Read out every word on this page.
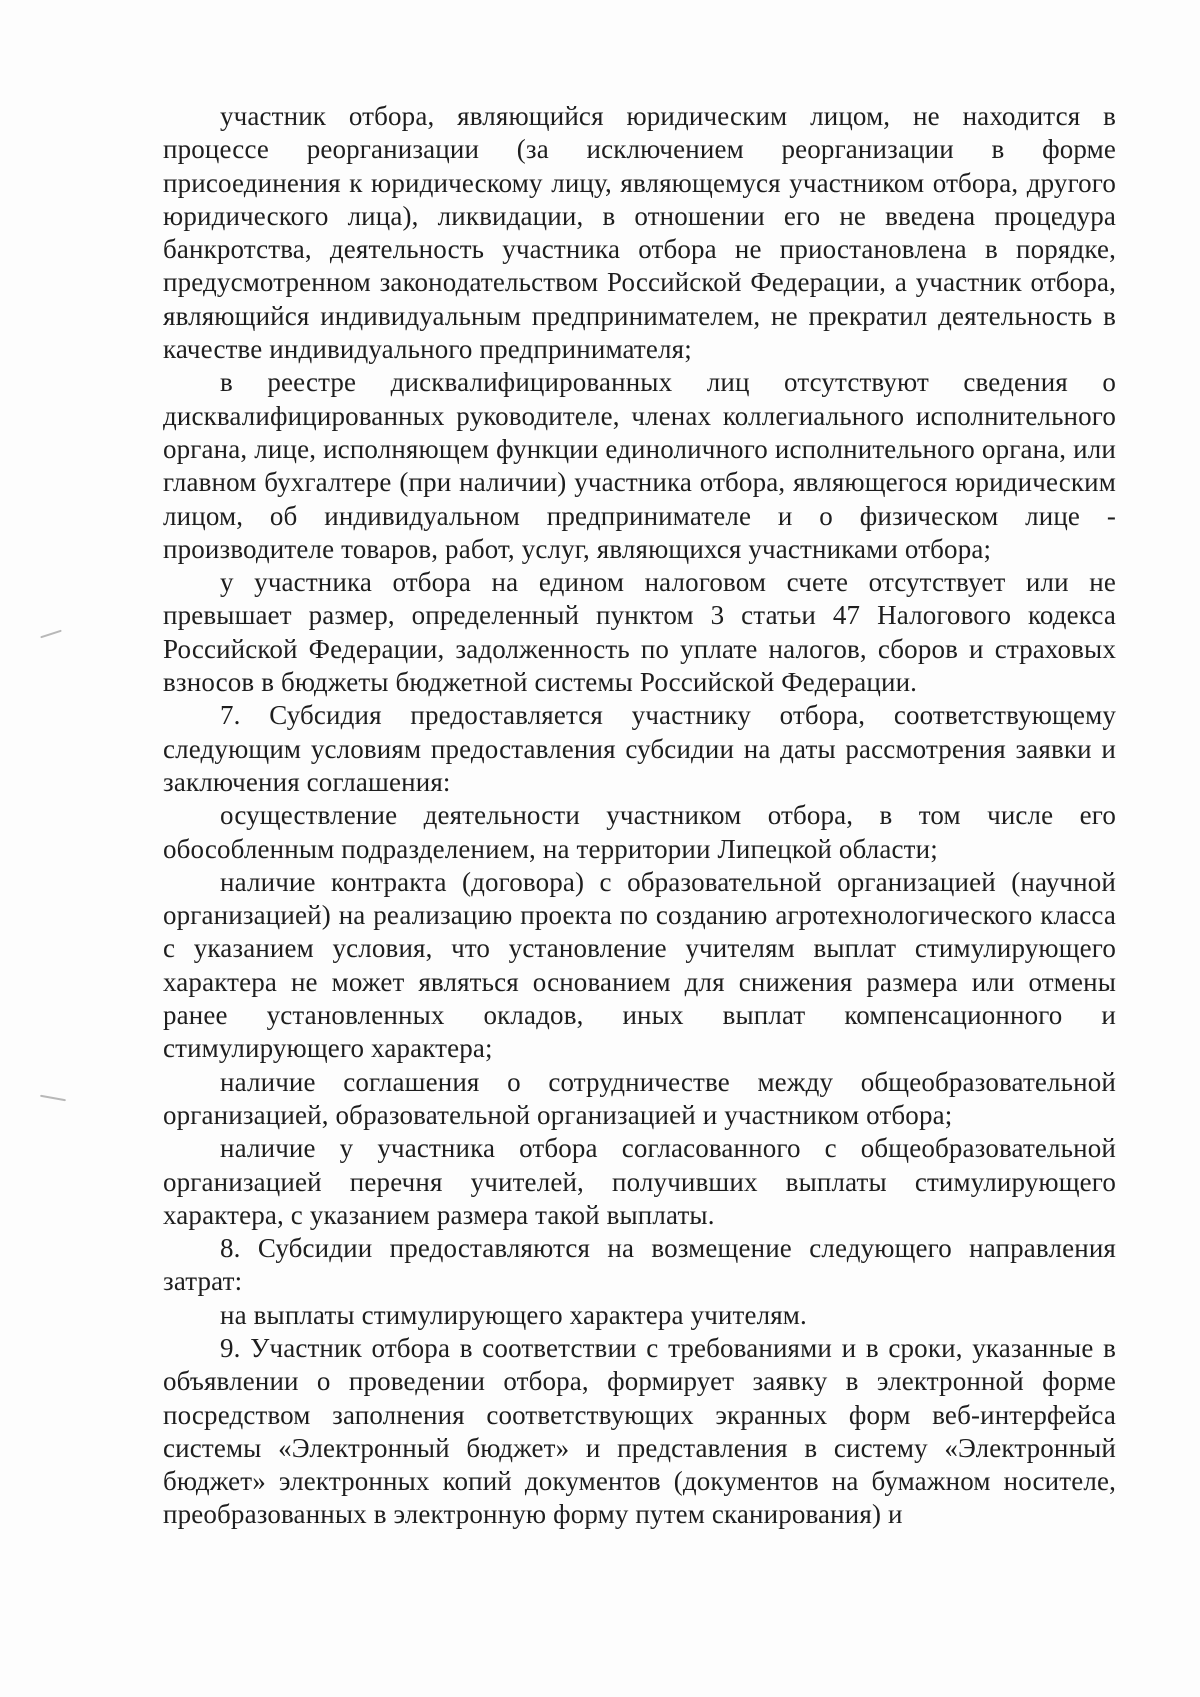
участник отбора, являющийся юридическим лицом, не находится в процессе реорганизации (за исключением реорганизации в форме присоединения к юридическому лицу, являющемуся участником отбора, другого юридического лица), ликвидации, в отношении его не введена процедура банкротства, деятельность участника отбора не приостановлена в порядке, предусмотренном законодательством Российской Федерации, а участник отбора, являющийся индивидуальным предпринимателем, не прекратил деятельность в качестве индивидуального предпринимателя;

в реестре дисквалифицированных лиц отсутствуют сведения о дисквалифицированных руководителе, членах коллегиального исполнительного органа, лице, исполняющем функции единоличного исполнительного органа, или главном бухгалтере (при наличии) участника отбора, являющегося юридическим лицом, об индивидуальном предпринимателе и о физическом лице - производителе товаров, работ, услуг, являющихся участниками отбора;

у участника отбора на едином налоговом счете отсутствует или не превышает размер, определенный пунктом 3 статьи 47 Налогового кодекса Российской Федерации, задолженность по уплате налогов, сборов и страховых взносов в бюджеты бюджетной системы Российской Федерации.

7. Субсидия предоставляется участнику отбора, соответствующему следующим условиям предоставления субсидии на даты рассмотрения заявки и заключения соглашения:

осуществление деятельности участником отбора, в том числе его обособленным подразделением, на территории Липецкой области;

наличие контракта (договора) с образовательной организацией (научной организацией) на реализацию проекта по созданию агротехнологического класса с указанием условия, что установление учителям выплат стимулирующего характера не может являться основанием для снижения размера или отмены ранее установленных окладов, иных выплат компенсационного и стимулирующего характера;

наличие соглашения о сотрудничестве между общеобразовательной организацией, образовательной организацией и участником отбора;

наличие у участника отбора согласованного с общеобразовательной организацией перечня учителей, получивших выплаты стимулирующего характера, с указанием размера такой выплаты.

8. Субсидии предоставляются на возмещение следующего направления затрат:

на выплаты стимулирующего характера учителям.

9. Участник отбора в соответствии с требованиями и в сроки, указанные в объявлении о проведении отбора, формирует заявку в электронной форме посредством заполнения соответствующих экранных форм веб-интерфейса системы «Электронный бюджет» и представления в систему «Электронный бюджет» электронных копий документов (документов на бумажном носителе, преобразованных в электронную форму путем сканирования) и
